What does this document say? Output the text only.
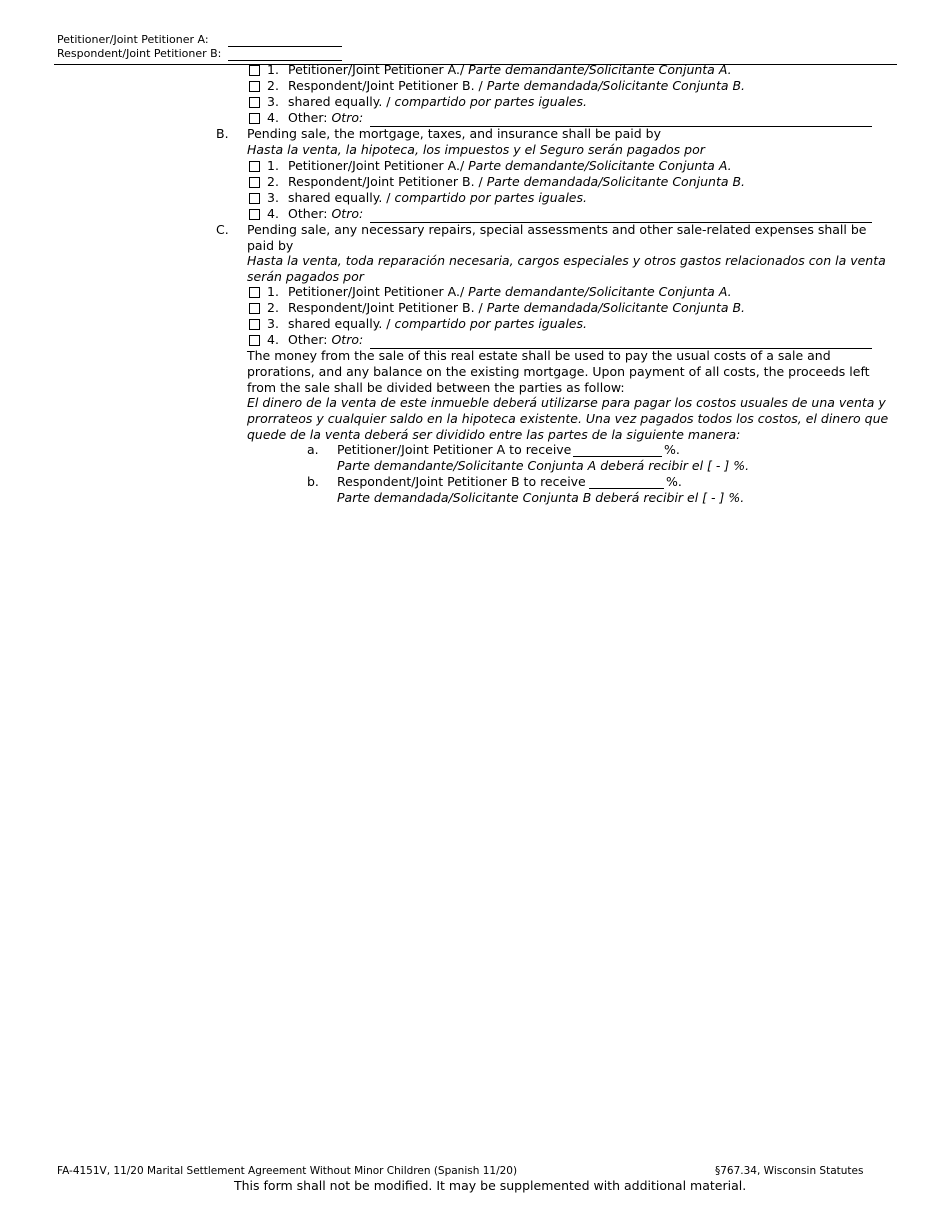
Petitioner/Joint Petitioner A:
Respondent/Joint Petitioner B:
1. Petitioner/Joint Petitioner A./ Parte demandante/Solicitante Conjunta A.
2. Respondent/Joint Petitioner B. / Parte demandada/Solicitante Conjunta B.
3. shared equally. / compartido por partes iguales.
4. Other: Otro:
B. Pending sale, the mortgage, taxes, and insurance shall be paid by
Hasta la venta, la hipoteca, los impuestos y el Seguro serán pagados por
1. Petitioner/Joint Petitioner A./ Parte demandante/Solicitante Conjunta A.
2. Respondent/Joint Petitioner B. / Parte demandada/Solicitante Conjunta B.
3. shared equally. / compartido por partes iguales.
4. Other: Otro:
C. Pending sale, any necessary repairs, special assessments and other sale-related expenses shall be
paid by
Hasta la venta, toda reparación necesaria, cargos especiales y otros gastos relacionados con la venta
serán pagados por
1. Petitioner/Joint Petitioner A./ Parte demandante/Solicitante Conjunta A.
2. Respondent/Joint Petitioner B. / Parte demandada/Solicitante Conjunta B.
3. shared equally. / compartido por partes iguales.
4. Other: Otro:
The money from the sale of this real estate shall be used to pay the usual costs of a sale and
prorations, and any balance on the existing mortgage. Upon payment of all costs, the proceeds left
from the sale shall be divided between the parties as follow:
El dinero de la venta de este inmueble deberá utilizarse para pagar los costos usuales de una venta y
prorrateos y cualquier saldo en la hipoteca existente. Una vez pagados todos los costos, el dinero que
quede de la venta deberá ser dividido entre las partes de la siguiente manera:
a. Petitioner/Joint Petitioner A to receive	%.
Parte demandante/Solicitante Conjunta A deberá recibir el [ - ] %.
b. Respondent/Joint Petitioner B to receive	%.
Parte demandada/Solicitante Conjunta B deberá recibir el [ - ] %.
FA-4151V, 11/20 Marital Settlement Agreement Without Minor Children (Spanish 11/20)	§767.34, Wisconsin Statutes
This form shall not be modified. It may be supplemented with additional material.
